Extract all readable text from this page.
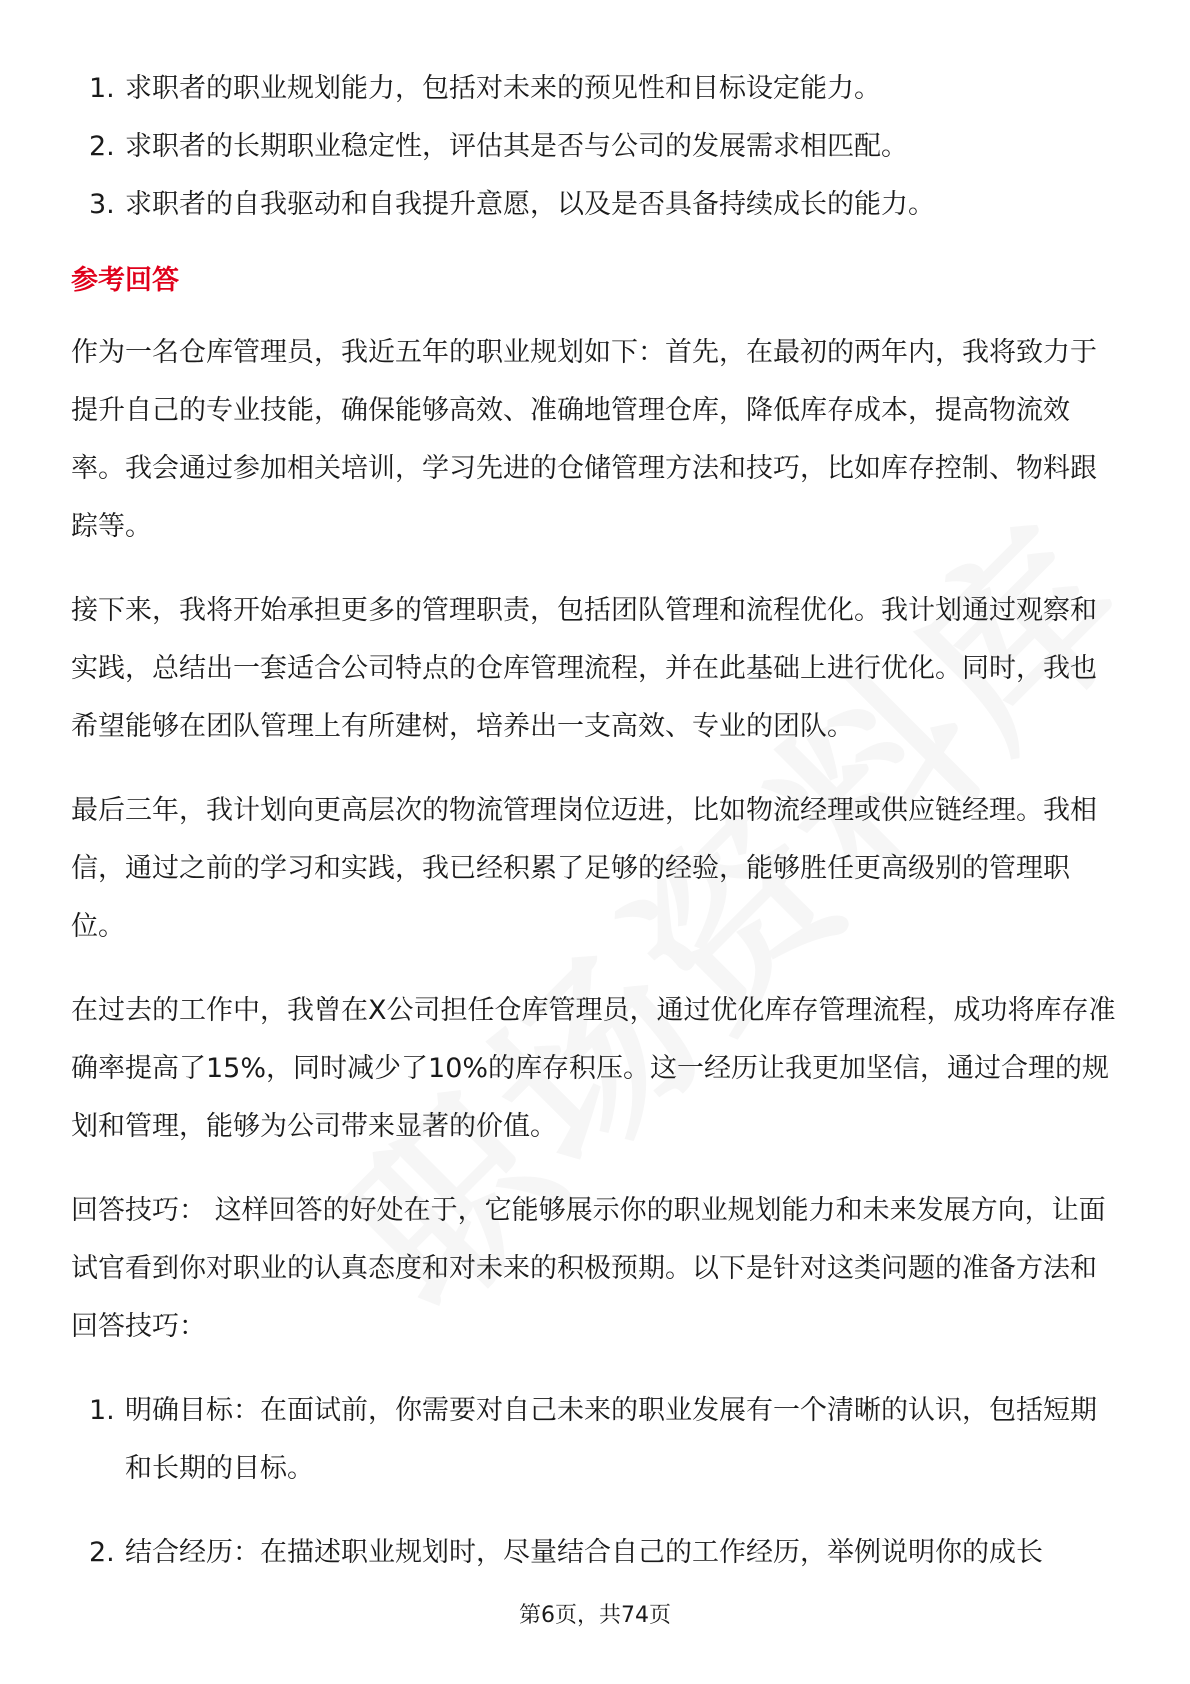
1. 求职者的职业规划能力，包括对未来的预见性和目标设定能力。
2. 求职者的长期职业稳定性，评估其是否与公司的发展需求相匹配。
3. 求职者的自我驱动和自我提升意愿，以及是否具备持续成长的能力。
参考回答

作为一名仓库管理员，我近五年的职业规划如下：首先，在最初的两年内，我将致力于提升自己的专业技能，确保能够高效、准确地管理仓库，降低库存成本，提高物流效率。我会通过参加相关培训，学习先进的仓储管理方法和技巧，比如库存控制、物料跟踪等。

接下来，我将开始承担更多的管理职责，包括团队管理和流程优化。我计划通过观察和实践，总结出一套适合公司特点的仓库管理流程，并在此基础上进行优化。同时，我也希望能够在团队管理上有所建树，培养出一支高效、专业的团队。

最后三年，我计划向更高层次的物流管理岗位迈进，比如物流经理或供应链经理。我相信，通过之前的学习和实践，我已经积累了足够的经验，能够胜任更高级别的管理职位。

在过去的工作中，我曾在X公司担任仓库管理员，通过优化库存管理流程，成功将库存准确率提高了15%，同时减少了10%的库存积压。这一经历让我更加坚信，通过合理的规划和管理，能够为公司带来显著的价值。

回答技巧： 这样回答的好处在于，它能够展示你的职业规划能力和未来发展方向，让面试官看到你对职业的认真态度和对未来的积极预期。以下是针对这类问题的准备方法和回答技巧：

1. 明确目标：在面试前，你需要对自己未来的职业发展有一个清晰的认识，包括短期和长期的目标。
2. 结合经历：在描述职业规划时，尽量结合自己的工作经历，举例说明你的成长
第6页，共74页
